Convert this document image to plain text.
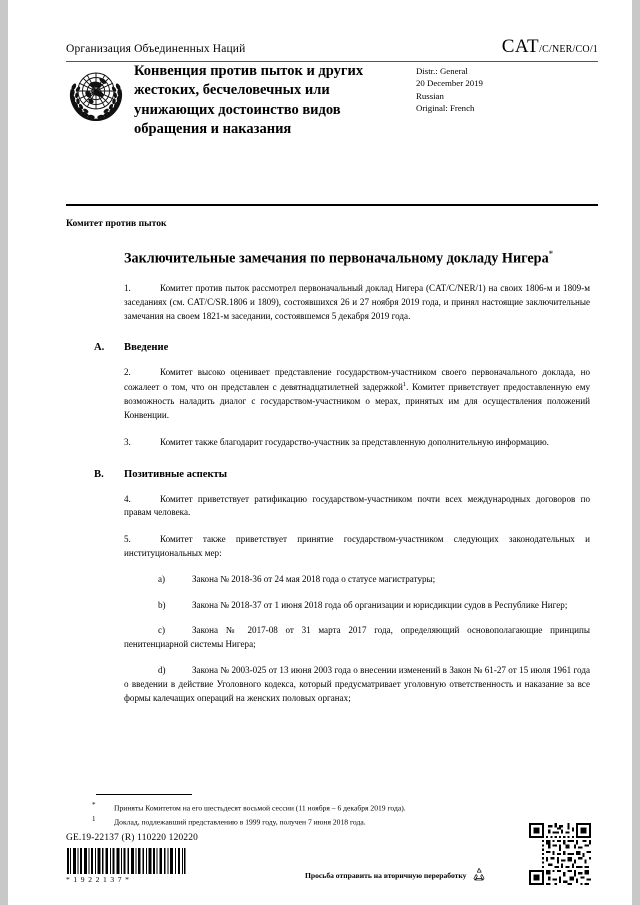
Организация Объединенных Наций	CAT/C/NER/CO/1
Конвенция против пыток и других жестоких, бесчеловечных или унижающих достоинство видов обращения и наказания
Distr.: General
20 December 2019
Russian
Original: French
Комитет против пыток
Заключительные замечания по первоначальному докладу Нигера*

1.	Комитет против пыток рассмотрел первоначальный доклад Нигера (CAT/C/NER/1) на своих 1806-м и 1809-м заседаниях (см. CAT/C/SR.1806 и 1809), состоявшихся 26 и 27 ноября 2019 года, и принял настоящие заключительные замечания на своем 1821-м заседании, состоявшемся 5 декабря 2019 года.

A. Введение

2.	Комитет высоко оценивает представление государством-участником своего первоначального доклада, но сожалеет о том, что он представлен с девятнадцатилетней задержкой$^1$. Комитет приветствует предоставленную ему возможность наладить диалог с государством-участником о мерах, принятых им для осуществления положений Конвенции.

3.	Комитет также благодарит государство-участник за представленную дополнительную информацию.

B. Позитивные аспекты

4.	Комитет приветствует ратификацию государством-участником почти всех международных договоров по правам человека.

5.	Комитет также приветствует принятие государством-участником следующих законодательных и институциональных мер:

a)	Закона № 2018-36 от 24 мая 2018 года о статусе магистратуры;

b)	Закона № 2018-37 от 1 июня 2018 года об организации и юрисдикции судов в Республике Нигер;

c)	Закона № 2017-08 от 31 марта 2017 года, определяющий основополагающие принципы пенитенциарной системы Нигера;

d)	Закона № 2003-025 от 13 июня 2003 года о внесении изменений в Закон № 61-27 от 15 июля 1961 года о введении в действие Уголовного кодекса, который предусматривает уголовную ответственность и наказание за все формы калечащих операций на женских половых органах;

* Приняты Комитетом на его шестьдесят восьмой сессии (11 ноября – 6 декабря 2019 года).
1 Доклад, подлежавший представлению в 1999 году, получен 7 июня 2018 года.
GE.19-22137 (R) 110220 120220
*1922137*	Просьба отправить на вторичную переработку
